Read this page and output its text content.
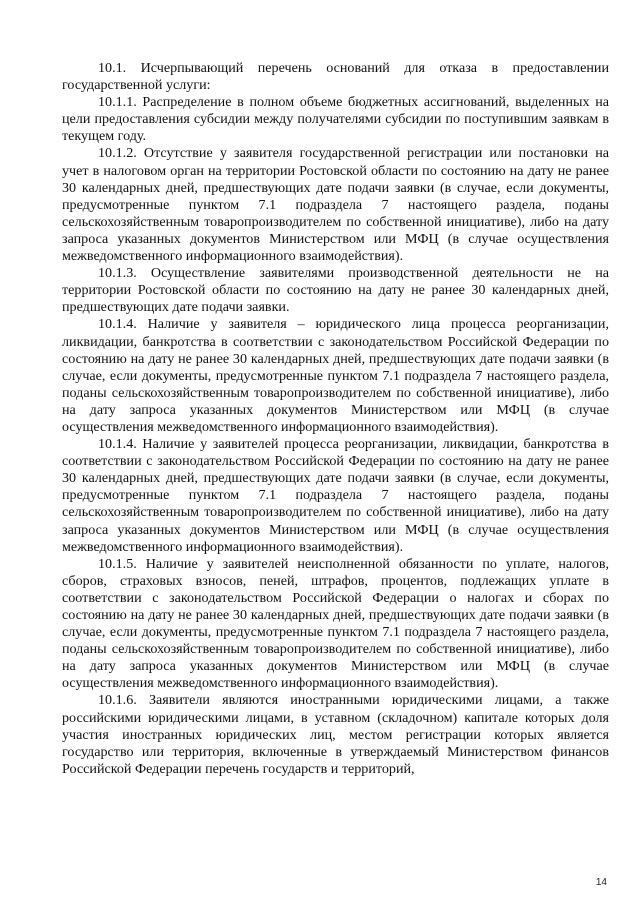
10.1. Исчерпывающий перечень оснований для отказа в предоставлении государственной услуги:

10.1.1. Распределение в полном объеме бюджетных ассигнований, выделенных на цели предоставления субсидии между получателями субсидии по поступившим заявкам в текущем году.

10.1.2. Отсутствие у заявителя государственной регистрации или постановки на учет в налоговом орган на территории Ростовской области по состоянию на дату не ранее 30 календарных дней, предшествующих дате подачи заявки (в случае, если документы, предусмотренные пунктом 7.1 подраздела 7 настоящего раздела, поданы сельскохозяйственным товаропроизводителем по собственной инициативе), либо на дату запроса указанных документов Министерством или МФЦ (в случае осуществления межведомственного информационного взаимодействия).

10.1.3. Осуществление заявителями производственной деятельности не на территории Ростовской области по состоянию на дату не ранее 30 календарных дней, предшествующих дате подачи заявки.

10.1.4. Наличие у заявителя – юридического лица процесса реорганизации, ликвидации, банкротства в соответствии с законодательством Российской Федерации по состоянию на дату не ранее 30 календарных дней, предшествующих дате подачи заявки (в случае, если документы, предусмотренные пунктом 7.1 подраздела 7 настоящего раздела, поданы сельскохозяйственным товаропроизводителем по собственной инициативе), либо на дату запроса указанных документов Министерством или МФЦ (в случае осуществления межведомственного информационного взаимодействия).

10.1.4. Наличие у заявителей процесса реорганизации, ликвидации, банкротства в соответствии с законодательством Российской Федерации по состоянию на дату не ранее 30 календарных дней, предшествующих дате подачи заявки (в случае, если документы, предусмотренные пунктом 7.1 подраздела 7 настоящего раздела, поданы сельскохозяйственным товаропроизводителем по собственной инициативе), либо на дату запроса указанных документов Министерством или МФЦ (в случае осуществления межведомственного информационного взаимодействия).

10.1.5. Наличие у заявителей неисполненной обязанности по уплате, налогов, сборов, страховых взносов, пеней, штрафов, процентов, подлежащих уплате в соответствии с законодательством Российской Федерации о налогах и сборах по состоянию на дату не ранее 30 календарных дней, предшествующих дате подачи заявки (в случае, если документы, предусмотренные пунктом 7.1 подраздела 7 настоящего раздела, поданы сельскохозяйственным товаропроизводителем по собственной инициативе), либо на дату запроса указанных документов Министерством или МФЦ (в случае осуществления межведомственного информационного взаимодействия).

10.1.6. Заявители являются иностранными юридическими лицами, а также российскими юридическими лицами, в уставном (складочном) капитале которых доля участия иностранных юридических лиц, местом регистрации которых является государство или территория, включенные в утверждаемый Министерством финансов Российской Федерации перечень государств и территорий,

14
